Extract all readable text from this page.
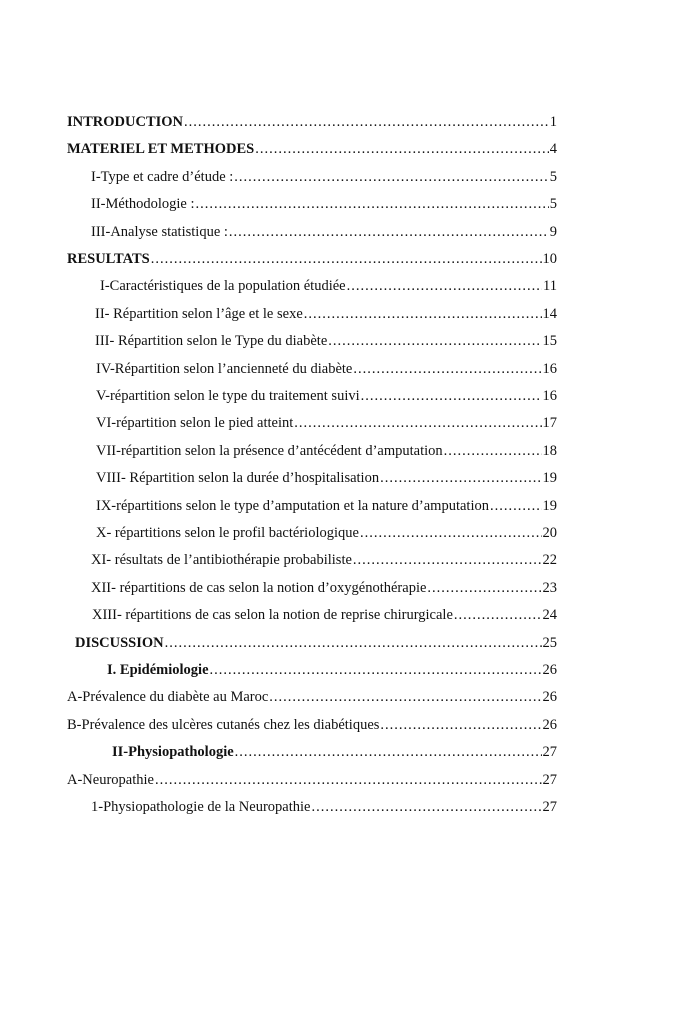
INTRODUCTION .....	1
MATERIEL ET METHODES .....	4
I-Type et cadre d’étude : .....	5
II-Méthodologie : .....	5
III-Analyse statistique : .....	9
RESULTATS .....	10
I-Caractéristiques de la population étudiée .....	11
II- Répartition selon l’âge et le sexe .....	14
III- Répartition selon le Type du diabète .....	15
IV-Répartition selon l’ancienneté du diabète .....	16
V-répartition selon le type du traitement suivi .....	16
VI-répartition selon le pied atteint .....	17
VII-répartition selon la présence d’antécédent d’amputation .....	18
VIII- Répartition selon la durée d’hospitalisation .....	19
IX-répartitions selon le type d’amputation et la nature d’amputation .....	19
X- répartitions selon le profil bactériologique .....	20
XI- résultats de l’antibiothérapie probabiliste .....	22
XII- répartitions de cas selon la notion d’oxygénothérapie .....	23
XIII- répartitions de cas selon la notion de reprise chirurgicale .....	24
DISCUSSION .....	25
I. Epidémiologie .....	26
A-Prévalence du diabète au Maroc .....	26
B-Prévalence des ulcères cutanés chez les diabétiques .....	26
II-Physiopathologie .....	27
A-Neuropathie .....	27
1-Physiopathologie de la Neuropathie .....	27
